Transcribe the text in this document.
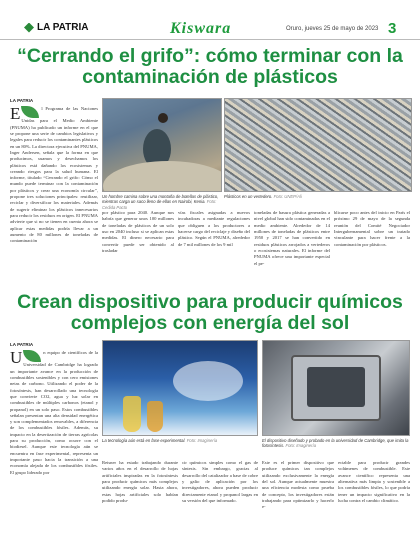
LA PATRIA	Kiswara	Oruro, jueves 25 de mayo de 2023 3
“Cerrando el grifo”: cómo terminar con la contaminación de plásticos
LA PATRIA
E	l Programa de las Naciones Unidas para el Medio Ambiente (PNUMA) ha publicado un informe en el que se propone una serie de cambios legislativos y legales para reducir los contaminantes plásticos en un 80%. La directora ejecutiva del PNUMA, Inger Andersen, señala que la forma en que producimos, usamos y desechamos los plásticos está dañando los ecosistemas y creando riesgos para la salud humana. El informe, titulado “Cerrando el grifo: Cómo el mundo puede terminar con la contaminación por plásticos y crear una economía circular”, propone tres soluciones principales: reutilizar, reciclar y diversificar los materiales. Además de sugerir eliminar los plásticos innecesarios para reducir los residuos en origen. El PNUMA advierte que si no se tienen en cuenta ahora se aplicar estas medidas podría llevar a un aumento de 80 millones de toneladas de contaminación
Un hombre camina sobre una montaña de botellas de plástico, mientras carga un saco lleno de ellas en Nairobi, Kenia. Foto: Cedida Pacto
Plásticos en un vertedero. Foto: UNEP/Ali
por plástico para 2040. Aunque nos habría que generar unos 100 millones de toneladas de plásticos de un solo uso en 2040 incluso si se aplican estas medidas. El dinero necesario para convertir puede ser obtenido al trasladar
vías fiscales asignadas a nuevos incubadoras a mediante regulaciones que obliguen a los productores a hacerse cargo del reciclaje y diseño del plástico. Según el PNUMA, alrededor de 7 mil millones de los 9 mil
toneladas de basura plástica generadas a nivel global han sido contaminadas en el medio ambiente. Alrededor de 14 millones de toneladas de plásticos entre 1950 y 2017 se han convertido en residuos plásticos arrojados a vertederos o ecosistemas naturales. El informe del PNUMA ofrece una importante especial el pe-
blicarse poco antes del inicio en París el próximo 29 de mayo de la segunda reunión del Comité Negociador Intergubernamental sobre un tratado vinculante para hacer frente a la contaminación por plásticos.
Crean dispositivo para producir químicos complejos con energía del sol
LA PATRIA
U	n equipo de científicos de la Universidad de Cambridge ha logrado un importante avance en la producción de combustibles sostenibles y con cero emisiones netas de carbono. Utilizando el poder de la fotosíntesis, han desarrollado una tecnología que convierte CO2, agua y luz solar en combustibles de múltiples carbonos (etanol y propanol) en un solo paso. Estos combustibles señalan presentan una alta densidad energética y son complementados renovables, a diferencia de los combustibles fósiles. Además, su impacto en la desertización de tierras agrícolas para su producción, como ocurre con el biodiesel. Aunque este tecnología aún se encuentra en fase experimental, representa un importante paso hacia la transición a una economía alejada de los combustibles fósiles. El grupo liderado por
La tecnología aún está en fase experimental. Foto: Imaginería	El dispositivo diseñado y probado en la universidad de Cambridge, que imita la fotosíntesis. Foto: Imaginería
Reisner ha estado trabajando durante varios años en el desarrollo de hojas artificiales inspiradas en la fotosíntesis para producir químicos más complejos utilizando energía solar. Hasta ahora, estas hojas artificiales solo habían podido produ-
cir químicos simples como el gas de síntesis. Sin embargo, gracias al desarrollo del catalizador a base de cobre y galio de aplicación por los investigadores, ahora pueden producir directamente etanol y propanol largas en su versión del que informado.
Este es el primer dispositivo que produce químicos tan complejos utilizando exclusivamente la energía del sol. Aunque actualmente muestra una eficiencia modesta como prueba de concepto, los investigadores están trabajando para optimizarlo y hacerlo e-
ectable para producir grandes volúmenes de combustible. Este avance científico representa una alternativa más limpia y sostenible a los combustibles fósiles, lo que podría tener un impacto significativo en la lucha contra el cambio climático.
